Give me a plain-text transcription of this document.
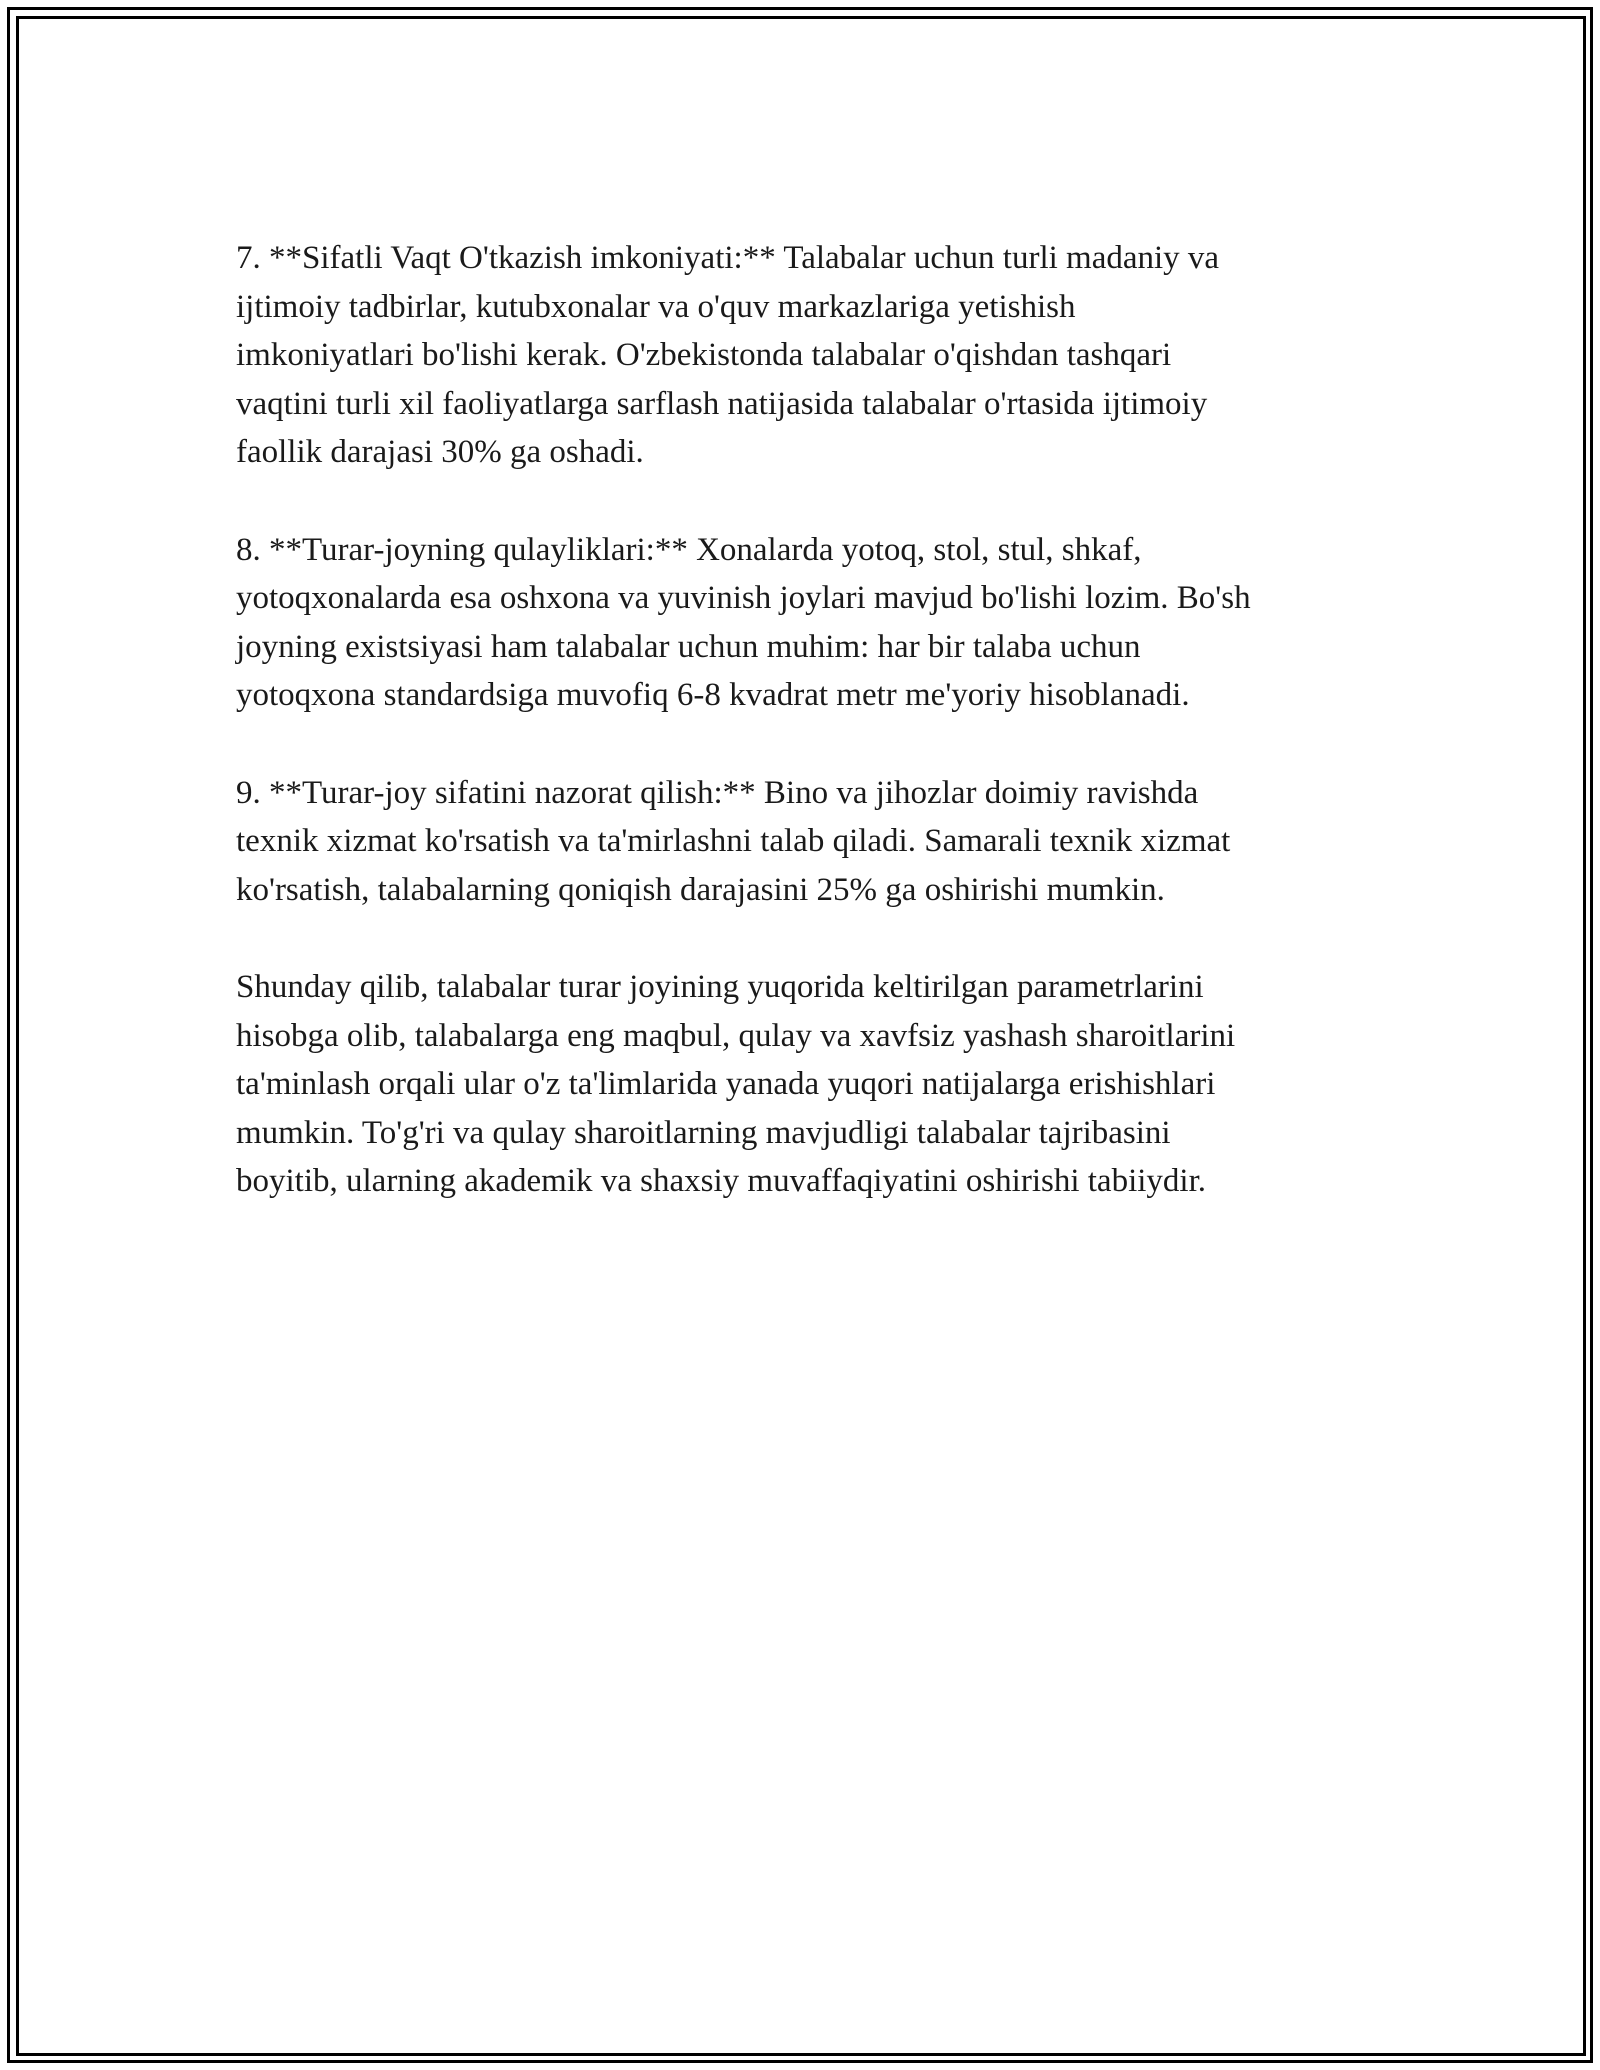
7. **Sifatli Vaqt O'tkazish imkoniyati:** Talabalar uchun turli madaniy va
ijtimoiy tadbirlar, kutubxonalar va o'quv markazlariga yetishish
imkoniyatlari bo'lishi kerak. O'zbekistonda talabalar o'qishdan tashqari
vaqtini turli xil faoliyatlarga sarflash natijasida talabalar o'rtasida ijtimoiy
faollik darajasi 30% ga oshadi.

8. **Turar-joyning qulayliklari:** Xonalarda yotoq, stol, stul, shkaf,
yotoqxonalarda esa oshxona va yuvinish joylari mavjud bo'lishi lozim. Bo'sh
joyning existsiyasi ham talabalar uchun muhim: har bir talaba uchun
yotoqxona standardsiga muvofiq 6-8 kvadrat metr me'yoriy hisoblanadi.

9. **Turar-joy sifatini nazorat qilish:** Bino va jihozlar doimiy ravishda
texnik xizmat ko'rsatish va ta'mirlashni talab qiladi. Samarali texnik xizmat
ko'rsatish, talabalarning qoniqish darajasini 25% ga oshirishi mumkin.

Shunday qilib, talabalar turar joyining yuqorida keltirilgan parametrlarini
hisobga olib, talabalarga eng maqbul, qulay va xavfsiz yashash sharoitlarini
ta'minlash orqali ular o'z ta'limlarida yanada yuqori natijalarga erishishlari
mumkin. To'g'ri va qulay sharoitlarning mavjudligi talabalar tajribasini
boyitib, ularning akademik va shaxsiy muvaffaqiyatini oshirishi tabiiydir.
